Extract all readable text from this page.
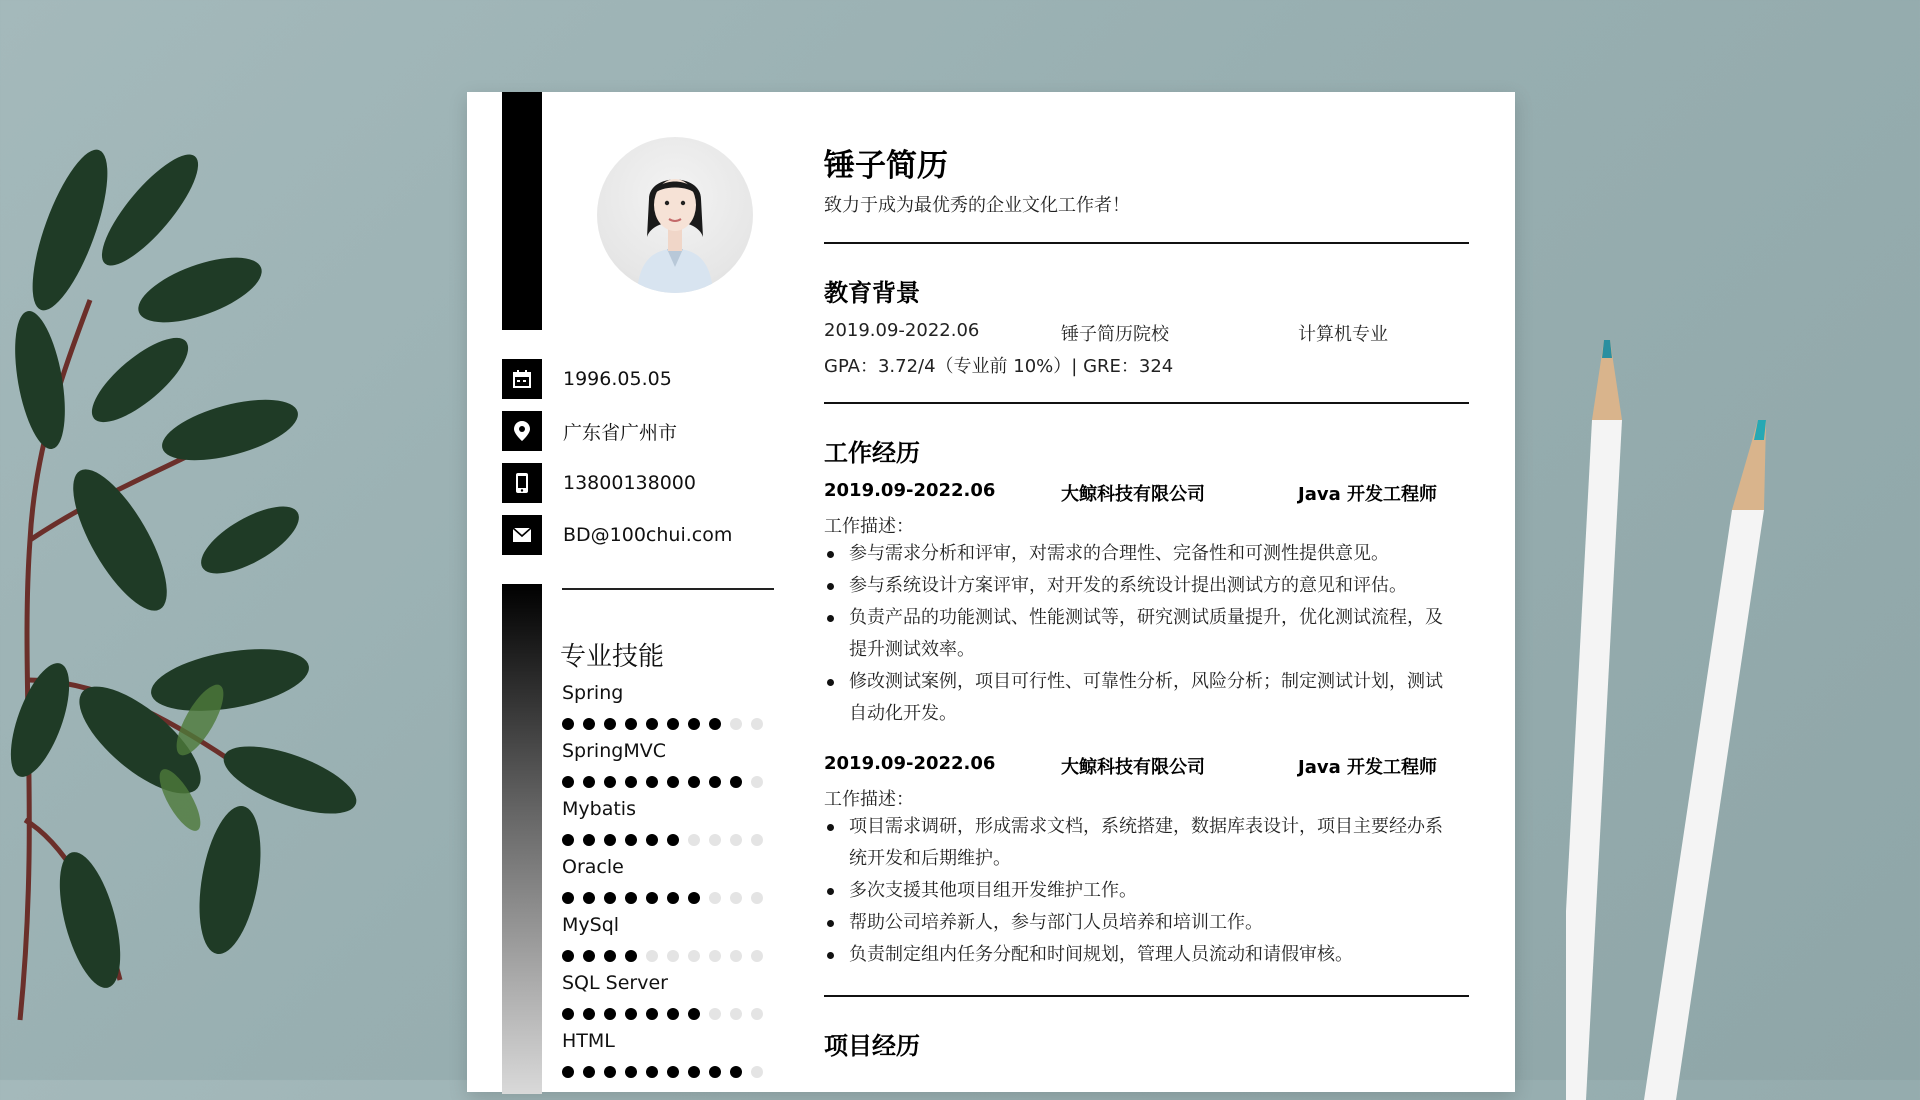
1996.05.05
广东省广州市
13800138000
BD@100chui.com
专业技能
Spring
SpringMVC
Mybatis
Oracle
MySql
SQL Server
HTML
锤子简历
致力于成为最优秀的企业文化工作者！
教育背景
2019.09-2022.06	锤子简历院校	计算机专业
GPA：3.72/4（专业前 10%）| GRE：324
工作经历
2019.09-2022.06	大鲸科技有限公司	Java 开发工程师
工作描述：
参与需求分析和评审，对需求的合理性、完备性和可测性提供意见。
参与系统设计方案评审，对开发的系统设计提出测试方的意见和评估。
负责产品的功能测试、性能测试等，研究测试质量提升，优化测试流程，及提升测试效率。
修改测试案例，项目可行性、可靠性分析，风险分析；制定测试计划，测试自动化开发。
2019.09-2022.06	大鲸科技有限公司	Java 开发工程师
工作描述：
项目需求调研，形成需求文档，系统搭建，数据库表设计，项目主要经办系统开发和后期维护。
多次支援其他项目组开发维护工作。
帮助公司培养新人，参与部门人员培养和培训工作。
负责制定组内任务分配和时间规划，管理人员流动和请假审核。
项目经历
